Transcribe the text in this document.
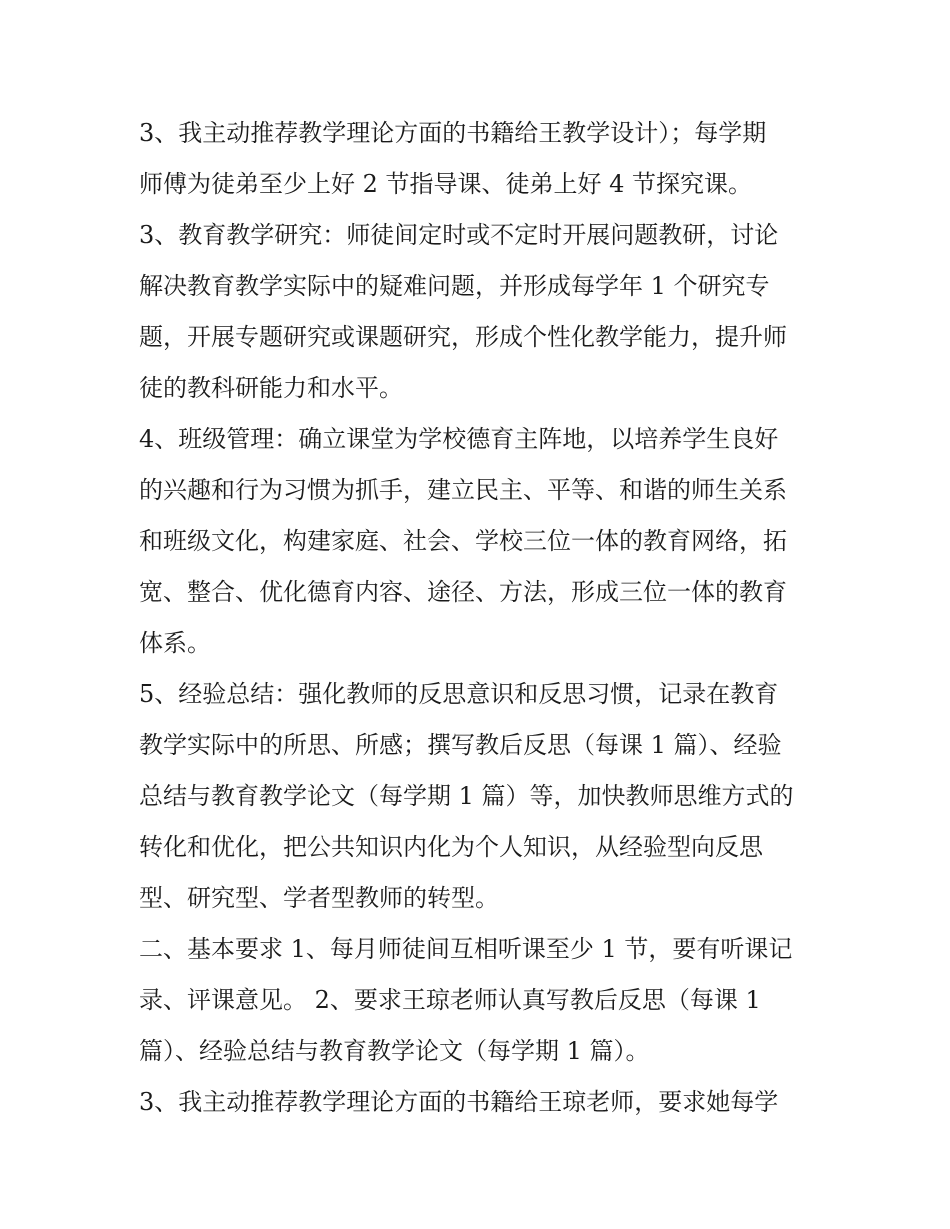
3、我主动推荐教学理论方面的书籍给王教学设计）；每学期
师傅为徒弟至少上好 2 节指导课、徒弟上好 4 节探究课。
3、教育教学研究：师徒间定时或不定时开展问题教研，讨论
解决教育教学实际中的疑难问题，并形成每学年 1 个研究专
题，开展专题研究或课题研究，形成个性化教学能力，提升师
徒的教科研能力和水平。
4、班级管理：确立课堂为学校德育主阵地，以培养学生良好
的兴趣和行为习惯为抓手，建立民主、平等、和谐的师生关系
和班级文化，构建家庭、社会、学校三位一体的教育网络，拓
宽、整合、优化德育内容、途径、方法，形成三位一体的教育
体系。
5、经验总结：强化教师的反思意识和反思习惯，记录在教育
教学实际中的所思、所感；撰写教后反思（每课 1 篇）、经验
总结与教育教学论文（每学期 1 篇）等，加快教师思维方式的
转化和优化，把公共知识内化为个人知识，从经验型向反思
型、研究型、学者型教师的转型。
二、基本要求 1、每月师徒间互相听课至少 1 节，要有听课记
录、评课意见。 2、要求王琼老师认真写教后反思（每课 1
篇）、经验总结与教育教学论文（每学期 1 篇）。
3、我主动推荐教学理论方面的书籍给王琼老师，要求她每学
